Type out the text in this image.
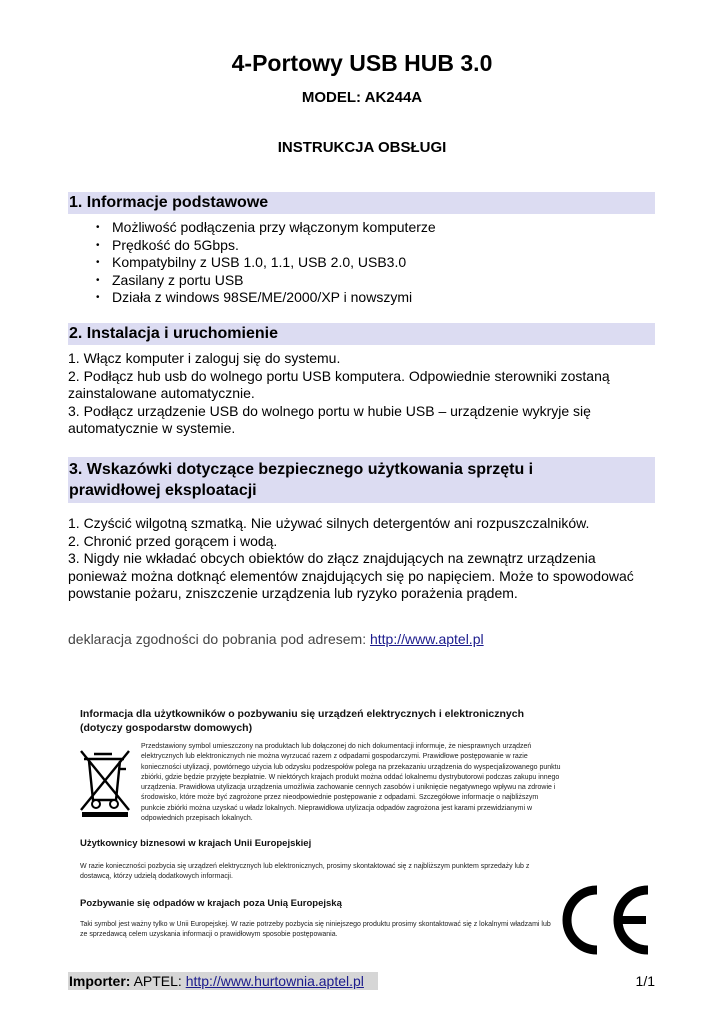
4-Portowy USB HUB 3.0
MODEL: AK244A
INSTRUKCJA OBSŁUGI
1. Informacje podstawowe
• Możliwość podłączenia przy włączonym komputerze
• Prędkość do 5Gbps.
• Kompatybilny z USB 1.0, 1.1, USB 2.0, USB3.0
• Zasilany z portu USB
• Działa z windows 98SE/ME/2000/XP i nowszymi
2. Instalacja i uruchomienie
1. Włącz komputer i zaloguj się do systemu.
2. Podłącz hub usb do wolnego portu USB komputera. Odpowiednie sterowniki zostaną zainstalowane automatycznie.
3. Podłącz urządzenie USB do wolnego portu w hubie USB – urządzenie wykryje się automatycznie w systemie.
3. Wskazówki dotyczące bezpiecznego użytkowania sprzętu i
prawidłowej eksploatacji
1. Czyścić wilgotną szmatką. Nie używać silnych detergentów ani rozpuszczalników.
2. Chronić przed gorącem i wodą.
3. Nigdy nie wkładać obcych obiektów do złącz znajdujących na zewnątrz urządzenia ponieważ można dotknąć elementów znajdujących się po napięciem. Może to spowodować powstanie pożaru, zniszczenie urządzenia lub ryzyko porażenia prądem.
deklaracja zgodności do pobrania pod adresem: http://www.aptel.pl
Informacja dla użytkowników o pozbywaniu się urządzeń elektrycznych i elektronicznych (dotyczy gospodarstw domowych)
Przedstawiony symbol umieszczony na produktach lub dołączonej do nich dokumentacji informuje, że niesprawnych urządzeń elektrycznych lub elektronicznych nie można wyrzucać razem z odpadami gospodarczymi. Prawidłowe postępowanie w razie konieczności utylizacji, powtórnego użycia lub odzysku podzespołów polega na przekazaniu urządzenia do wyspecjalizowanego punktu zbiórki, gdzie będzie przyjęte bezpłatnie. W niektórych krajach produkt można oddać lokalnemu dystrybutorowi podczas zakupu innego urządzenia. Prawidłowa utylizacja urządzenia umożliwia zachowanie cennych zasobów i uniknięcie negatywnego wpływu na zdrowie i środowisko, które może być zagrożone przez nieodpowiednie postępowanie z odpadami. Szczegółowe informacje o najbliższym punkcie zbiórki można uzyskać u władz lokalnych. Nieprawidłowa utylizacja odpadów zagrożona jest karami przewidzianymi w odpowiednich przepisach lokalnych.
Użytkownicy biznesowi w krajach Unii Europejskiej
W razie konieczności pozbycia się urządzeń elektrycznych lub elektronicznych, prosimy skontaktować się z najbliższym punktem sprzedaży lub z dostawcą, którzy udzielą dodatkowych informacji.
Pozbywanie się odpadów w krajach poza Unią Europejską
Taki symbol jest ważny tylko w Unii Europejskej. W razie potrzeby pozbycia się niniejszego produktu prosimy skontaktować się z lokalnymi władzami lub ze sprzedawcą celem uzyskania informacji o prawidłowym sposobie postępowania.
Importer: APTEL: http://www.hurtownia.aptel.pl	1/1
